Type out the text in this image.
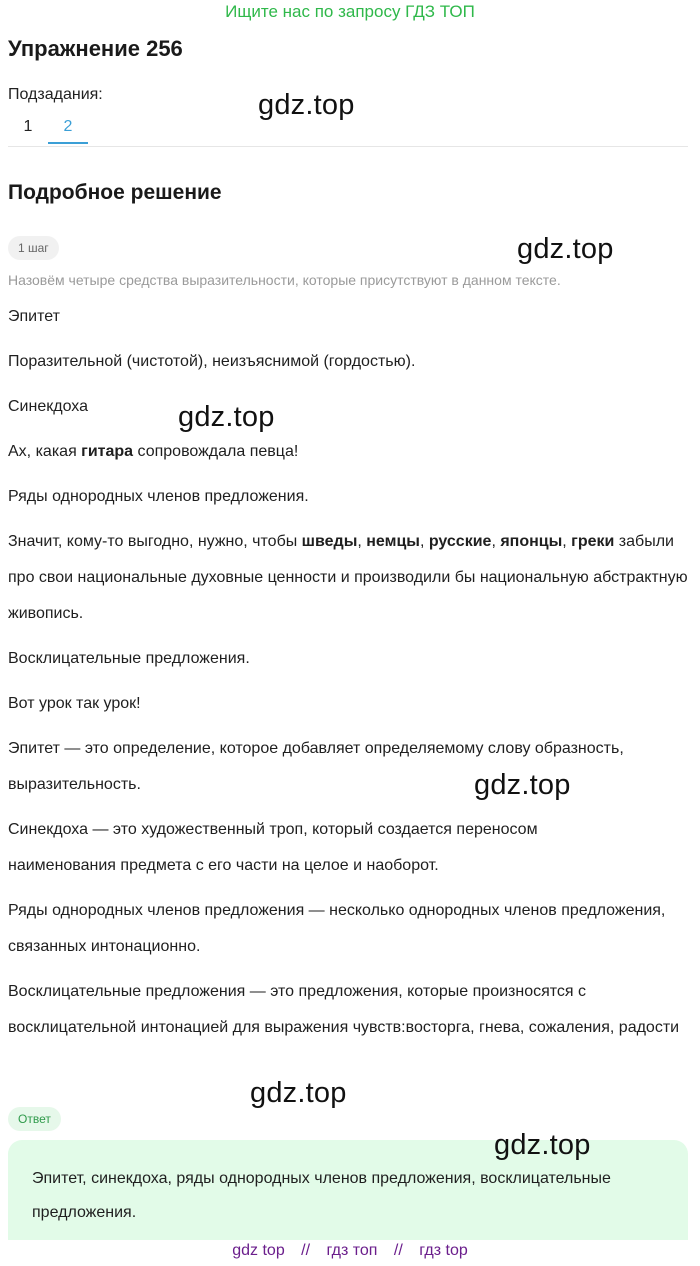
Ищите нас по запросу ГДЗ ТОП
Упражнение 256
Подзадания:
1	2
Подробное решение
1 шаг
Назовём четыре средства выразительности, которые присутствуют в данном тексте.

Эпитет

Поразительной (чистотой), неизъяснимой (гордостью).

Синекдоха

Ах, какая гитара сопровождала певца!

Ряды однородных членов предложения.

Значит, кому-то выгодно, нужно, чтобы шведы, немцы, русские, японцы, греки забыли про свои национальные духовные ценности и производили бы национальную абстрактную живопись.

Восклицательные предложения.

Вот урок так урок!

Эпитет — это определение, которое добавляет определяемому слову образность, выразительность.

Синекдоха — это художественный троп, который создается переносом наименования предмета с его части на целое и наоборот.

Ряды однородных членов предложения — несколько однородных членов предложения, связанных интонационно.

Восклицательные предложения — это предложения, которые произносятся с восклицательной интонацией для выражения чувств:восторга, гнева, сожаления, радости

Ответ
Эпитет, синекдоха, ряды однородных членов предложения, восклицательные предложения.
gdz.top
gdz.top
gdz.top
gdz.top
gdz.top
gdz.top
gdz top // гдз топ // гдз top
